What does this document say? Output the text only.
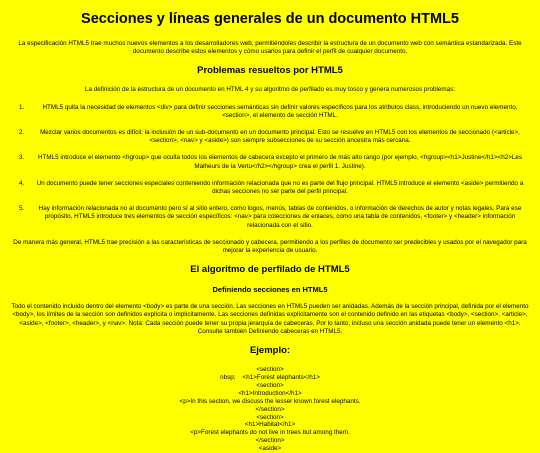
Secciones y líneas generales de un documento HTML5

La especificación HTML5 trae muchos nuevos elementos a los desarrolladores web, permitiéndoles describir la estructura de un documento web con semántica estandarizada. Este documento describe estos elementos y cómo usarlos para definir el perfil de cualquier documento.

Problemas resueltos por HTML5

La definición de la estructura de un documento en HTML 4 y su algoritmo de perfilado es muy tosco y genera numerosos problemas:

1. HTML5 quita la necesidad de elementos <div> para definir secciones semánticas sin definir valores específicos para los atributos class, introduciendo un nuevo elemento, <section>, el elemento de sección HTML.
2. Mezclar varios documentos es difícil: la inclusión de un sub-documento en un documento principal. Esto se resuelve en HTML5 con los elementos de seccionado (<article>, <section>, <nav> y <aside>) son siempre subsecciones de su sección ancestra más cercana.
3. HTML5 introduce el elemento <hgroup> que oculta todos los elementos de cabecera excepto el primero de más alto rango (por ejemplo, <hgroup><h1>Justine</h1><h2>Les Malheurs de la Vertu</h2></hgroup> crea el perfil 1. Justine).
4. Un documento puede tener secciones especiales conteniendo información relacionada que no es parte del flujo principal. HTML5 introduce el elemento <aside> permitiendo a dichas secciones no ser parte del perfil principal.
5. Hay información relacionada no al documento pero sí al sitio entero, como logos, menús, tablas de contenidos, o información de derechos de autor y notas legales. Para ese propósito, HTML5 introduce tres elementos de sección específicos: <nav> para colecciones de enlaces, como una tabla de contenidos, <footer> y <header> información relacionada con el sitio.

De manera más general, HTML5 trae precisión a las características de seccionado y cabecera, permitiendo a los perfiles de documento ser predecibles y usados por el navegador para mejorar la experiencia de usuario.

El algoritmo de perfilado de HTML5
Definiendo secciones en HTML5

Todo el contenido incluido dentro del elemento <body> es parte de una sección. Las secciones en HTML5 pueden ser anidadas. Además de la sección principal, definida por el elemento <body>, los límites de la sección son definidos explícita o implícitamente. Las secciones definidas explícitamente son el contenido definido en las etiquetas <body>, <section>, <article>, <aside>, <footer>, <header>, y <nav>. Nota: Cada sección puede tener su propia jerarquía de cabeceras. Por lo tanto, incluso una sección anidada puede tener un elemento <h1>. Consulte también Definiendo cabeceras en HTML5.

Ejemplo:
<section>
nbsp;    <h1>Forest elephants</h1>
<section>
<h1>Introduction</h1>
<p>In this section, we discuss the lesser known forest elephants.
</section>
<section>
<h1>Habitat</h1>
<p>Forest elephants do not live in trees but among them.
</section>
<aside>
